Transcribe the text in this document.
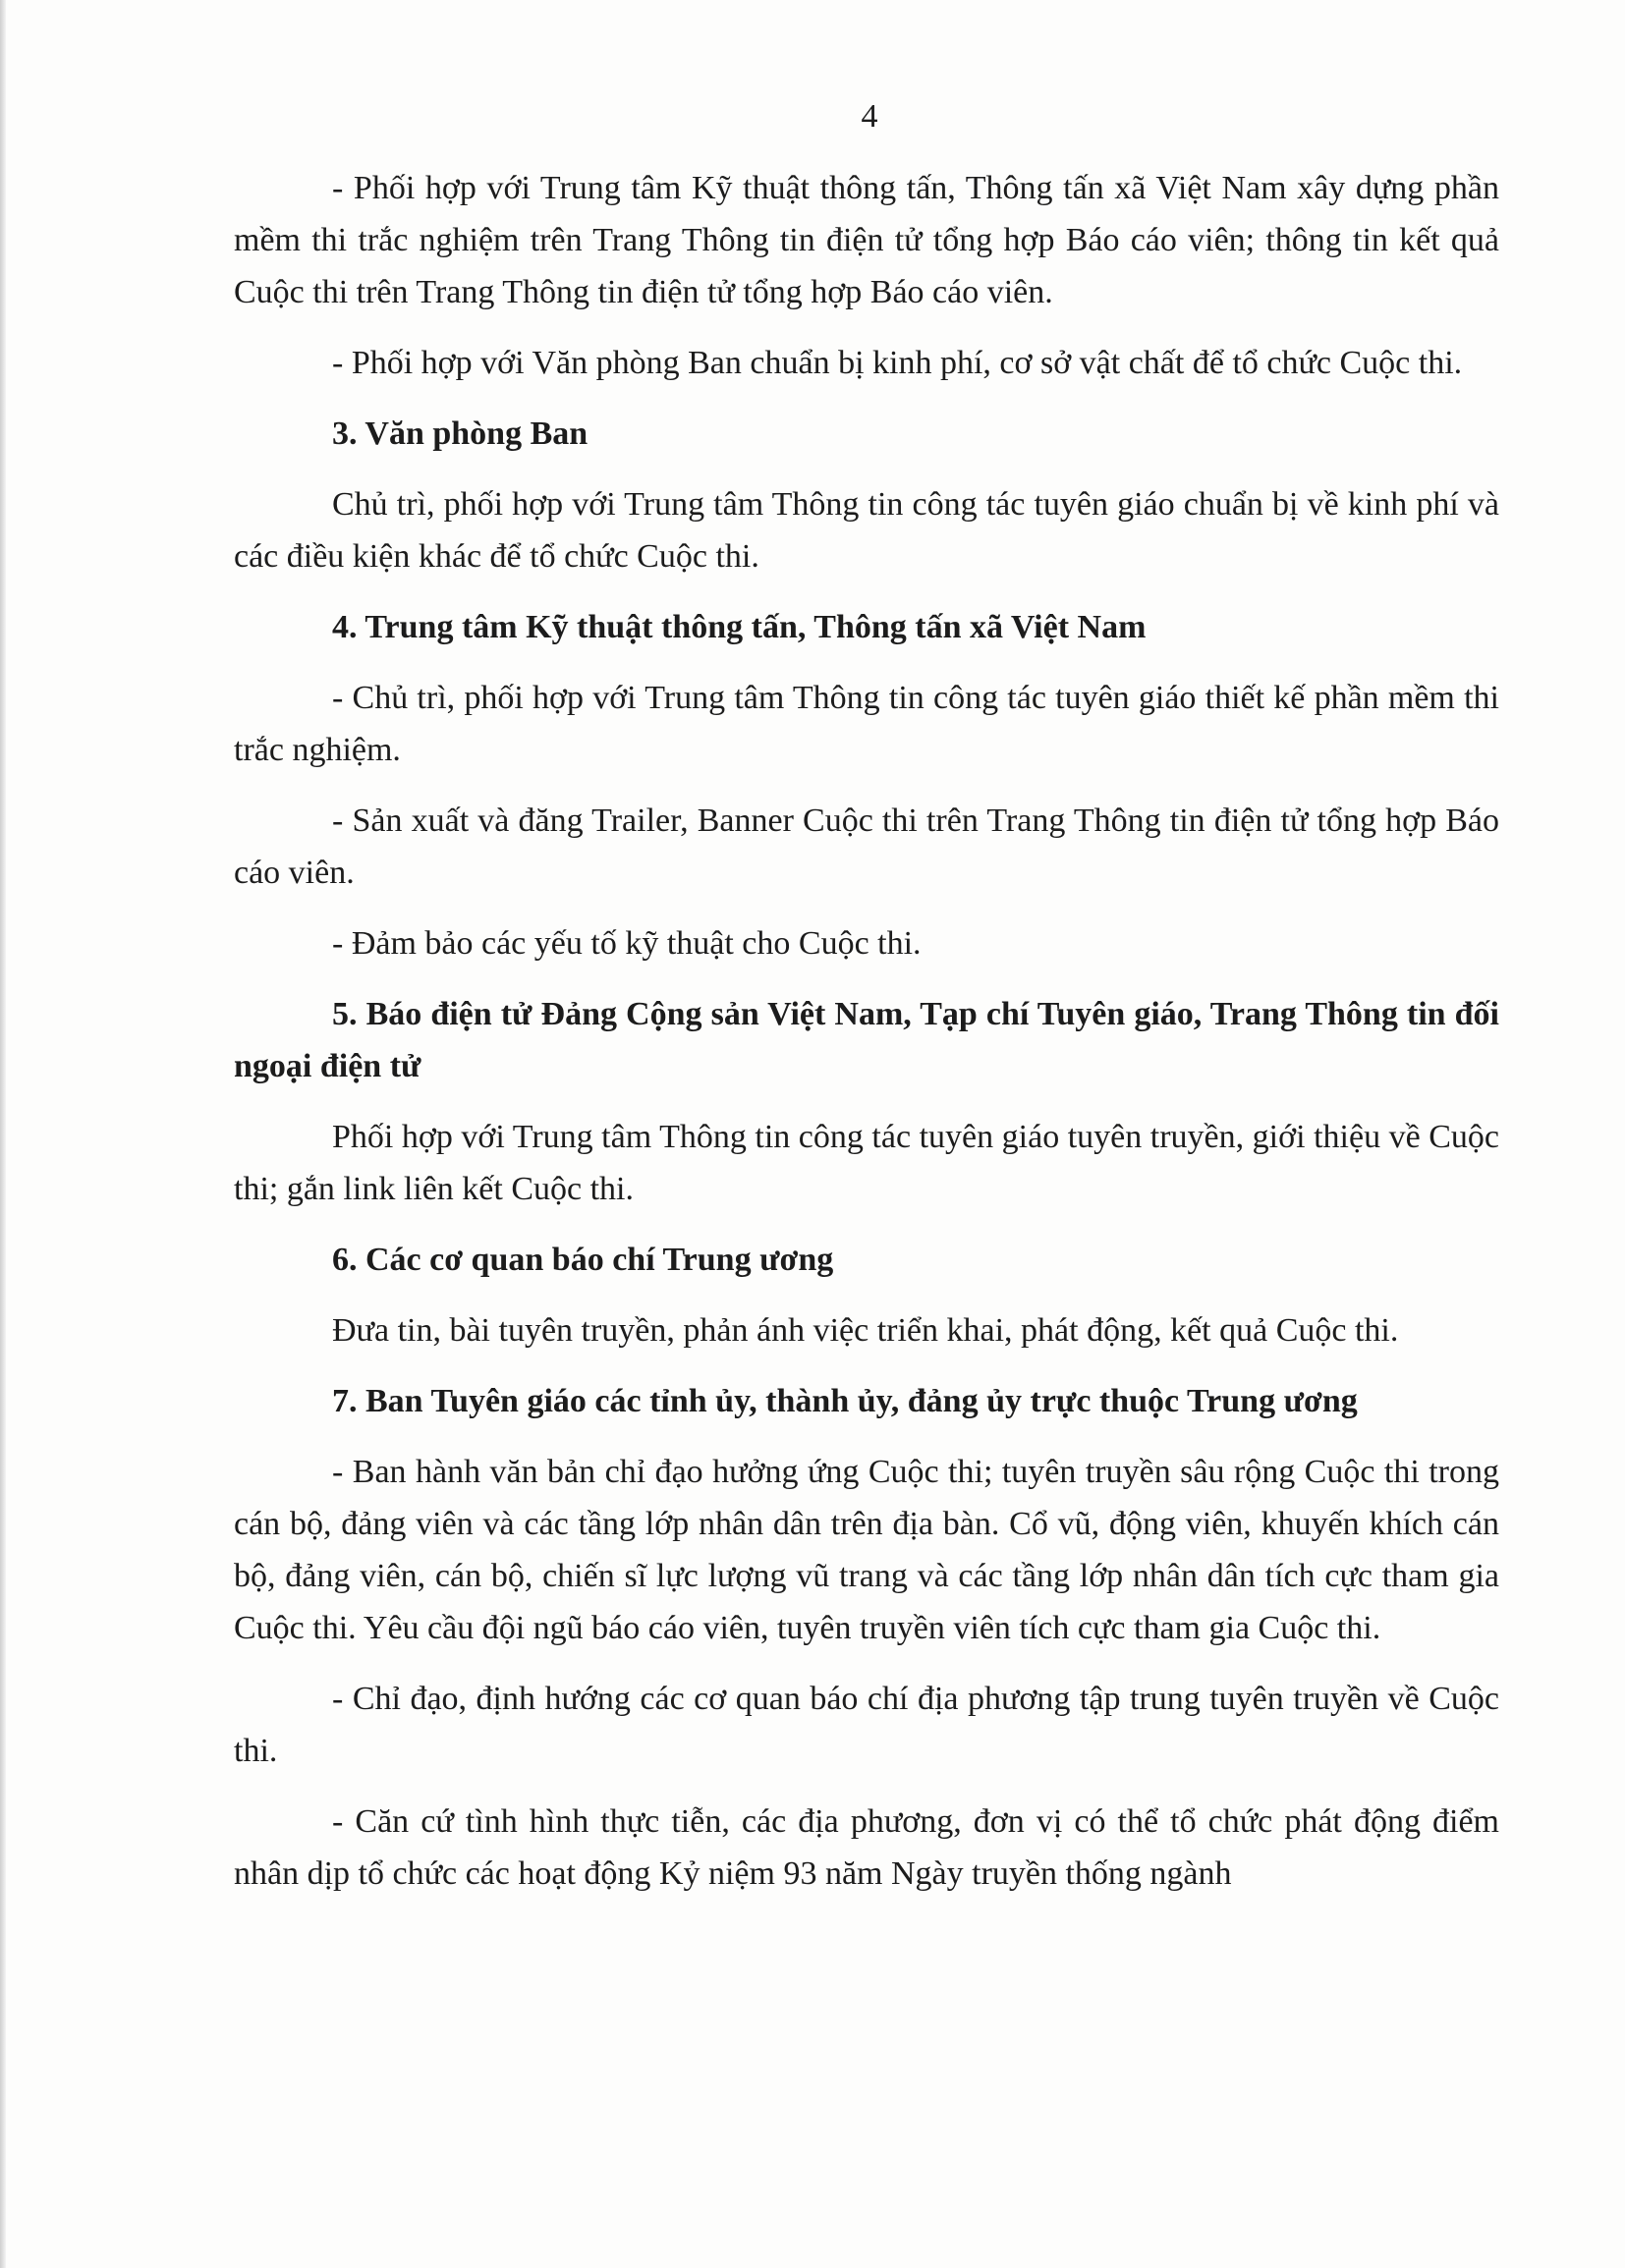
4

- Phối hợp với Trung tâm Kỹ thuật thông tấn, Thông tấn xã Việt Nam xây dựng phần mềm thi trắc nghiệm trên Trang Thông tin điện tử tổng hợp Báo cáo viên; thông tin kết quả Cuộc thi trên Trang Thông tin điện tử tổng hợp Báo cáo viên.

- Phối hợp với Văn phòng Ban chuẩn bị kinh phí, cơ sở vật chất để tổ chức Cuộc thi.

3. Văn phòng Ban

Chủ trì, phối hợp với Trung tâm Thông tin công tác tuyên giáo chuẩn bị về kinh phí và các điều kiện khác để tổ chức Cuộc thi.

4. Trung tâm Kỹ thuật thông tấn, Thông tấn xã Việt Nam

- Chủ trì, phối hợp với Trung tâm Thông tin công tác tuyên giáo thiết kế phần mềm thi trắc nghiệm.

- Sản xuất và đăng Trailer, Banner Cuộc thi trên Trang Thông tin điện tử tổng hợp Báo cáo viên.

- Đảm bảo các yếu tố kỹ thuật cho Cuộc thi.

5. Báo điện tử Đảng Cộng sản Việt Nam, Tạp chí Tuyên giáo, Trang Thông tin đối ngoại điện tử

Phối hợp với Trung tâm Thông tin công tác tuyên giáo tuyên truyền, giới thiệu về Cuộc thi; gắn link liên kết Cuộc thi.

6. Các cơ quan báo chí Trung ương

Đưa tin, bài tuyên truyền, phản ánh việc triển khai, phát động, kết quả Cuộc thi.

7. Ban Tuyên giáo các tỉnh ủy, thành ủy, đảng ủy trực thuộc Trung ương

- Ban hành văn bản chỉ đạo hưởng ứng Cuộc thi; tuyên truyền sâu rộng Cuộc thi trong cán bộ, đảng viên và các tầng lớp nhân dân trên địa bàn. Cổ vũ, động viên, khuyến khích cán bộ, đảng viên, cán bộ, chiến sĩ lực lượng vũ trang và các tầng lớp nhân dân tích cực tham gia Cuộc thi. Yêu cầu đội ngũ báo cáo viên, tuyên truyền viên tích cực tham gia Cuộc thi.

- Chỉ đạo, định hướng các cơ quan báo chí địa phương tập trung tuyên truyền về Cuộc thi.

- Căn cứ tình hình thực tiễn, các địa phương, đơn vị có thể tổ chức phát động điểm nhân dịp tổ chức các hoạt động Kỷ niệm 93 năm Ngày truyền thống ngành
